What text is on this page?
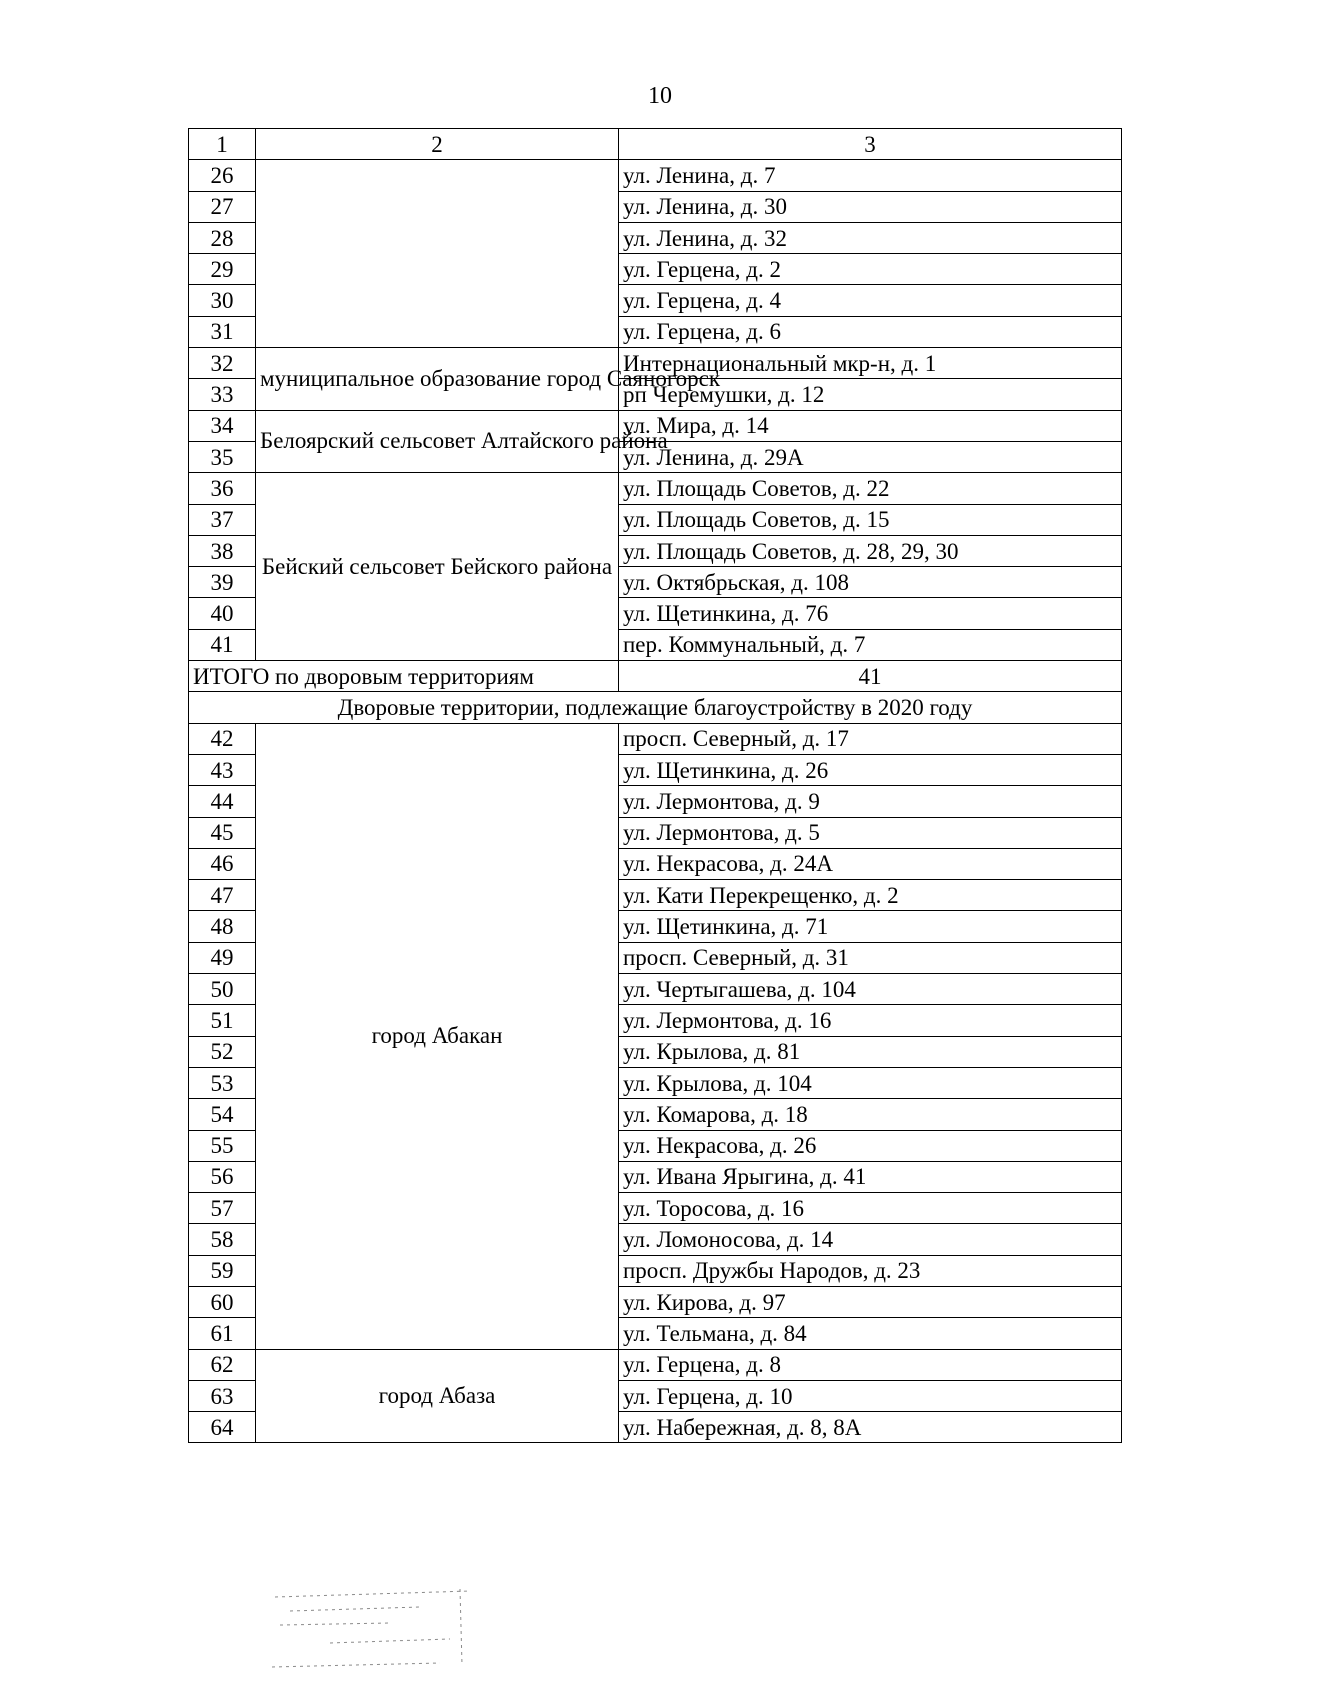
10
1	2	3
26		ул. Ленина, д. 7
27		ул. Ленина, д. 30
28		ул. Ленина, д. 32
29		ул. Герцена, д. 2
30		ул. Герцена, д. 4
31		ул. Герцена, д. 6
32	муниципальное образование город Саяногорск	Интернациональный мкр-н, д. 1
33		рп Черемушки, д. 12
34	Белоярский сельсовет Алтайского района	ул. Мира, д. 14
35		ул. Ленина, д. 29А
36	Бейский сельсовет Бейского района	ул. Площадь Советов, д. 22
37		ул. Площадь Советов, д. 15
38		ул. Площадь Советов, д. 28, 29, 30
39		ул. Октябрьская, д. 108
40		ул. Щетинкина, д. 76
41		пер. Коммунальный, д. 7
ИТОГО по дворовым территориям		41
Дворовые территории, подлежащие благоустройству в 2020 году		
42	город Абакан	просп. Северный, д. 17
43		ул. Щетинкина, д. 26
44		ул. Лермонтова, д. 9
45		ул. Лермонтова, д. 5
46		ул. Некрасова, д. 24А
47		ул. Кати Перекрещенко, д. 2
48		ул. Щетинкина, д. 71
49		просп. Северный, д. 31
50		ул. Чертыгашева, д. 104
51		ул. Лермонтова, д. 16
52		ул. Крылова, д. 81
53		ул. Крылова, д. 104
54		ул. Комарова, д. 18
55		ул. Некрасова, д. 26
56		ул. Ивана Ярыгина, д. 41
57		ул. Торосова, д. 16
58		ул. Ломоносова, д. 14
59		просп. Дружбы Народов, д. 23
60		ул. Кирова, д. 97
61		ул. Тельмана, д. 84
62	город Абаза	ул. Герцена, д. 8
63		ул. Герцена, д. 10
64		ул. Набережная, д. 8, 8А
